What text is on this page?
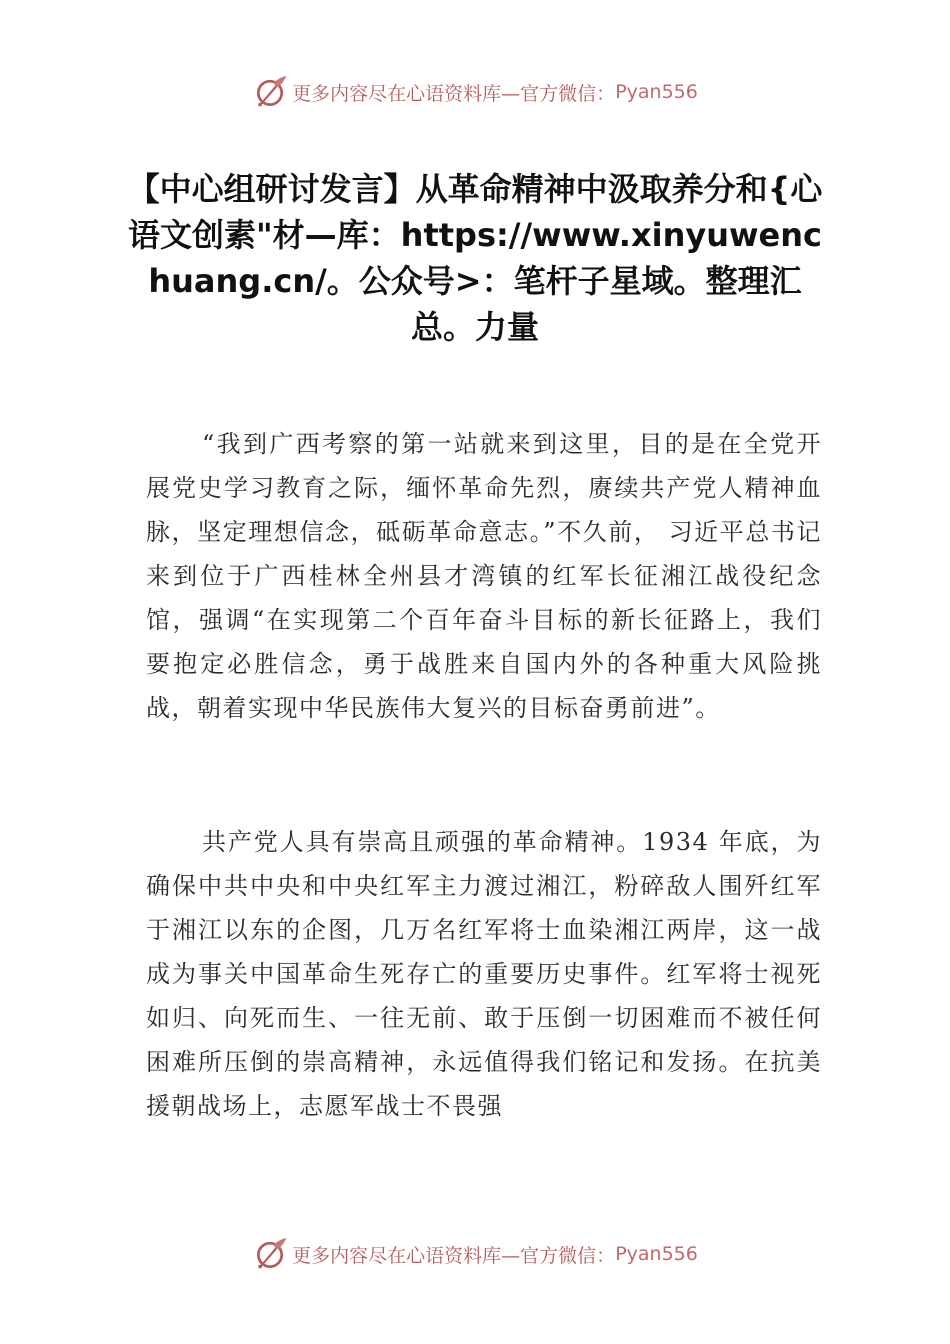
更多内容尽在心语资料库 —官方微信： Pyan556
【中心组研讨发言】从革命精神中汲取养分和{心语文创素"材—库：https://www.xinyuwenchuang.cn/。公众号>：笔杆子星域。整理汇总。力量

“我到广西考察的第一站就来到这里，目的是在全党开展党史学习教育之际，缅怀革命先烈，赓续共产党人精神血脉，坚定理想信念，砥砺革命意志。”不久前， 习近平总书记来到位于广西桂林全州县才湾镇的红军长征湘江战役纪念馆，强调“在实现第二个百年奋斗目标的新长征路上，我们要抱定必胜信念，勇于战胜来自国内外的各种重大风险挑战，朝着实现中华民族伟大复兴的目标奋勇前进”。

共产党人具有崇高且顽强的革命精神。1934 年底，为确保中共中央和中央红军主力渡过湘江，粉碎敌人围歼红军于湘江以东的企图，几万名红军将士血染湘江两岸，这一战成为事关中国革命生死存亡的重要历史事件。红军将士视死如归、向死而生、一往无前、敢于压倒一切困难而不被任何困难所压倒的崇高精神，永远值得我们铭记和发扬。在抗美援朝战场上，志愿军战士不畏强

更多内容尽在心语资料库 —官方微信： Pyan556
